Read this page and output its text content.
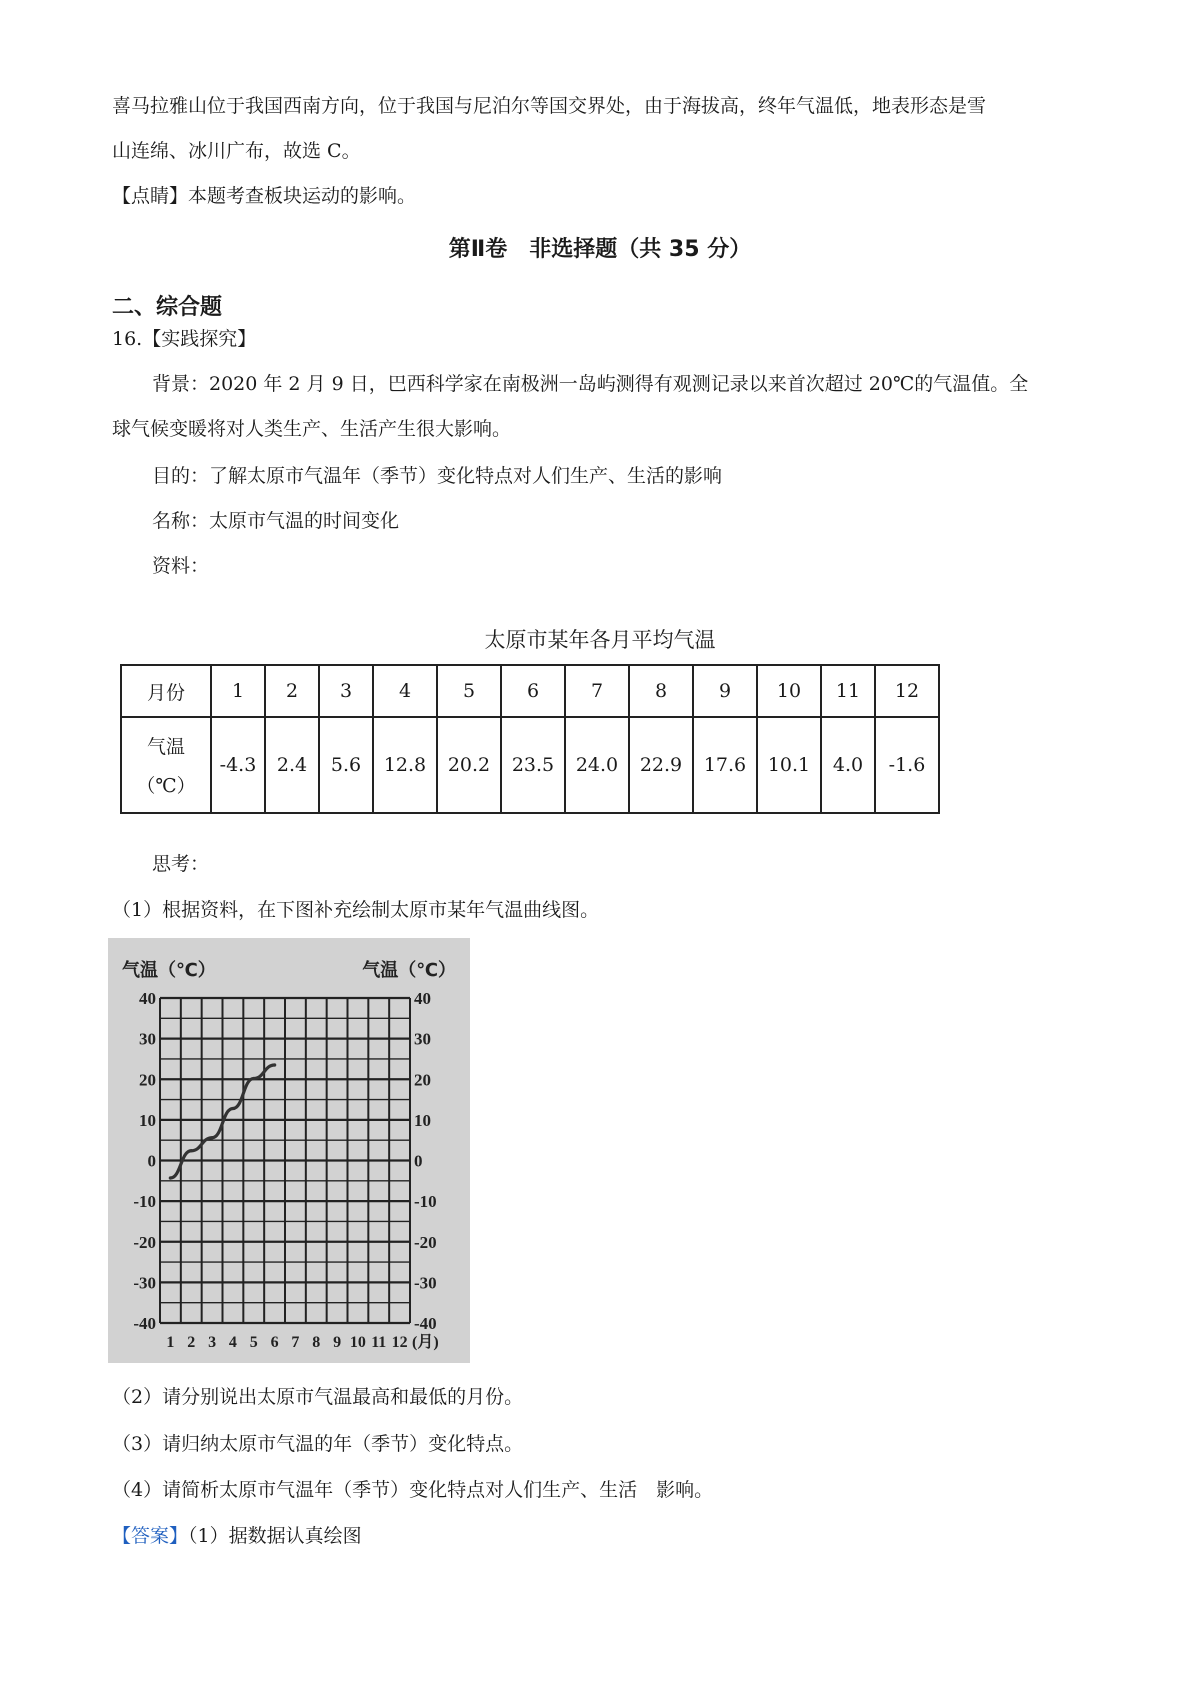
喜马拉雅山位于我国西南方向，位于我国与尼泊尔等国交界处，由于海拔高，终年气温低，地表形态是雪
山连绵、冰川广布，故选 C。
【点睛】本题考查板块运动的影响。
第Ⅱ卷　非选择题（共 35 分）
二、综合题
16.【实践探究】
背景：2020 年 2 月 9 日，巴西科学家在南极洲一岛屿测得有观测记录以来首次超过 20℃的气温值。全
球气候变暖将对人类生产、生活产生很大影响。
目的：了解太原市气温年（季节）变化特点对人们生产、生活的影响
名称：太原市气温的时间变化
资料：
太原市某年各月平均气温
月份	1	2	3	4	5	6	7	8	9	10	11	12

气温
（℃）	-4.3	2.4	5.6	12.8	20.2	23.5	24.0	22.9	17.6	10.1	4.0	-1.6
思考：
（1）根据资料，在下图补充绘制太原市某年气温曲线图。
40	40
30	30
20	20
10	10
0	0
-10	-10
-20	-20
-30	-30
-40	-40
气温（℃）	气温（℃）
1 2 3 4 5 6 7 8 9 10 11 12 (月)
（2）请分别说出太原市气温最高和最低的月份。
（3）请归纳太原市气温的年（季节）变化特点。
（4）请简析太原市气温年（季节）变化特点对人们生产、生活　影响。
【答案】（1）据数据认真绘图
